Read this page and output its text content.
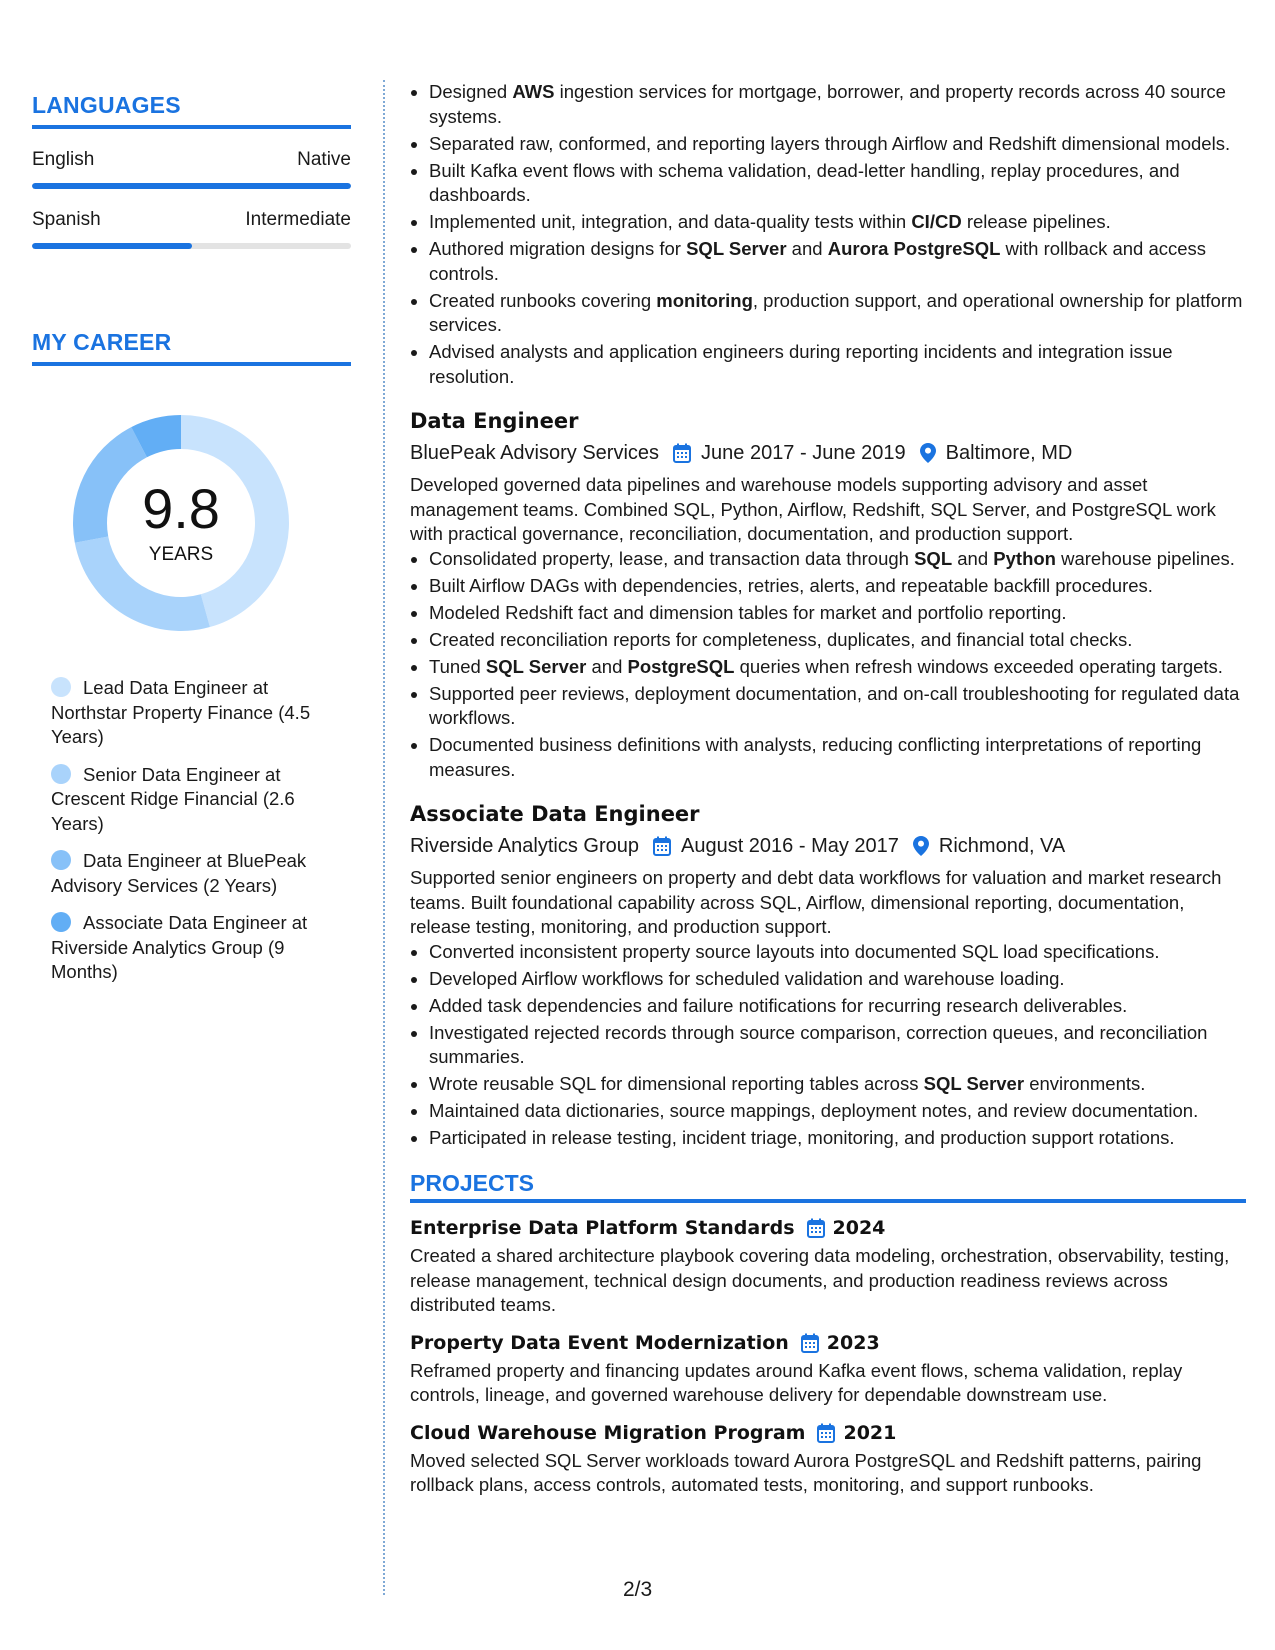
LANGUAGES
English	Native
Spanish	Intermediate
MY CAREER
9.8
YEARS
Lead Data Engineer at Northstar Property Finance (4.5 Years)
Senior Data Engineer at Crescent Ridge Financial (2.6 Years)
Data Engineer at BluePeak Advisory Services (2 Years)
Associate Data Engineer at Riverside Analytics Group (9 Months)
• Designed AWS ingestion services for mortgage, borrower, and property records across 40 source systems.
• Separated raw, conformed, and reporting layers through Airflow and Redshift dimensional models.
• Built Kafka event flows with schema validation, dead-letter handling, replay procedures, and dashboards.
• Implemented unit, integration, and data-quality tests within CI/CD release pipelines.
• Authored migration designs for SQL Server and Aurora PostgreSQL with rollback and access controls.
• Created runbooks covering monitoring, production support, and operational ownership for platform services.
• Advised analysts and application engineers during reporting incidents and integration issue resolution.
Data Engineer
BluePeak Advisory Services June 2017 - June 2019 Baltimore, MD
Developed governed data pipelines and warehouse models supporting advisory and asset management teams. Combined SQL, Python, Airflow, Redshift, SQL Server, and PostgreSQL work with practical governance, reconciliation, documentation, and production support.
• Consolidated property, lease, and transaction data through SQL and Python warehouse pipelines.
• Built Airflow DAGs with dependencies, retries, alerts, and repeatable backfill procedures.
• Modeled Redshift fact and dimension tables for market and portfolio reporting.
• Created reconciliation reports for completeness, duplicates, and financial total checks.
• Tuned SQL Server and PostgreSQL queries when refresh windows exceeded operating targets.
• Supported peer reviews, deployment documentation, and on-call troubleshooting for regulated data workflows.
• Documented business definitions with analysts, reducing conflicting interpretations of reporting measures.
Associate Data Engineer
Riverside Analytics Group August 2016 - May 2017 Richmond, VA
Supported senior engineers on property and debt data workflows for valuation and market research teams. Built foundational capability across SQL, Airflow, dimensional reporting, documentation, release testing, monitoring, and production support.
• Converted inconsistent property source layouts into documented SQL load specifications.
• Developed Airflow workflows for scheduled validation and warehouse loading.
• Added task dependencies and failure notifications for recurring research deliverables.
• Investigated rejected records through source comparison, correction queues, and reconciliation summaries.
• Wrote reusable SQL for dimensional reporting tables across SQL Server environments.
• Maintained data dictionaries, source mappings, deployment notes, and review documentation.
• Participated in release testing, incident triage, monitoring, and production support rotations.
PROJECTS
Enterprise Data Platform Standards 2024
Created a shared architecture playbook covering data modeling, orchestration, observability, testing, release management, technical design documents, and production readiness reviews across distributed teams.
Property Data Event Modernization 2023
Reframed property and financing updates around Kafka event flows, schema validation, replay controls, lineage, and governed warehouse delivery for dependable downstream use.
Cloud Warehouse Migration Program 2021
Moved selected SQL Server workloads toward Aurora PostgreSQL and Redshift patterns, pairing rollback plans, access controls, automated tests, monitoring, and support runbooks.
2/3
